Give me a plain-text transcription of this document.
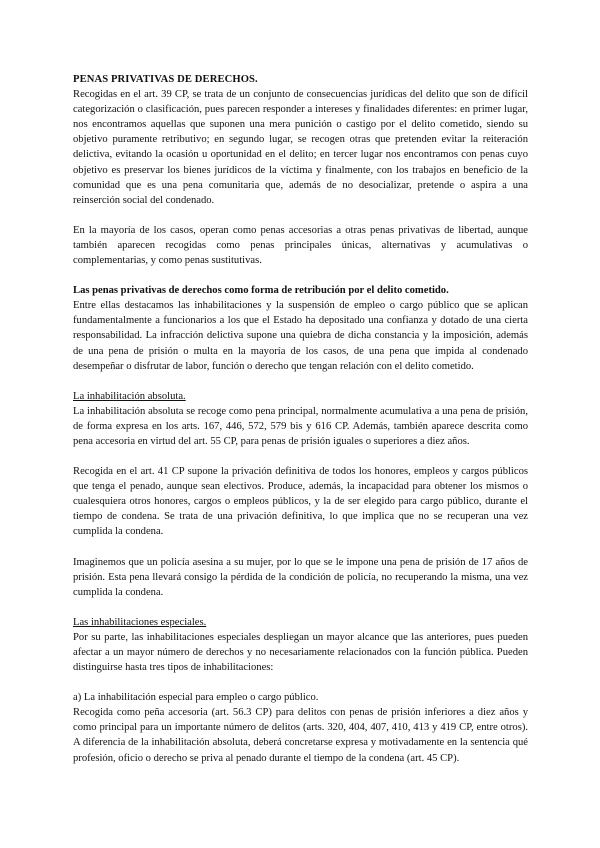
PENAS PRIVATIVAS DE DERECHOS.

Recogidas en el art. 39 CP, se trata de un conjunto de consecuencias jurídicas del delito que son de difícil categorización o clasificación, pues parecen responder a intereses y finalidades diferentes: en primer lugar, nos encontramos aquellas que suponen una mera punición o castigo por el delito cometido, siendo su objetivo puramente retributivo; en segundo lugar, se recogen otras que pretenden evitar la reiteración delictiva, evitando la ocasión u oportunidad en el delito; en tercer lugar nos encontramos con penas cuyo objetivo es preservar los bienes jurídicos de la víctima y finalmente, con los trabajos en beneficio de la comunidad que es una pena comunitaria que, además de no desocializar, pretende o aspira a una reinserción social del condenado.

En la mayoría de los casos, operan como penas accesorias a otras penas privativas de libertad, aunque también aparecen recogidas como penas principales únicas, alternativas y acumulativas o complementarias, y como penas sustitutivas.

Las penas privativas de derechos como forma de retribución por el delito cometido.

Entre ellas destacamos las inhabilitaciones y la suspensión de empleo o cargo público que se aplican fundamentalmente a funcionarios a los que el Estado ha depositado una confianza y dotado de una cierta responsabilidad. La infracción delictiva supone una quiebra de dicha constancia y la imposición, además de una pena de prisión o multa en la mayoría de los casos, de una pena que impida al condenado desempeñar o disfrutar de labor, función o derecho que tengan relación con el delito cometido.

La inhabilitación absoluta.

La inhabilitación absoluta se recoge como pena principal, normalmente acumulativa a una pena de prisión, de forma expresa en los arts. 167, 446, 572, 579 bis y 616 CP. Además, también aparece descrita como pena accesoria en virtud del art. 55 CP, para penas de prisión iguales o superiores a diez años.

Recogida en el art. 41 CP supone la privación definitiva de todos los honores, empleos y cargos públicos que tenga el penado, aunque sean electivos. Produce, además, la incapacidad para obtener los mismos o cualesquiera otros honores, cargos o empleos públicos, y la de ser elegido para cargo público, durante el tiempo de condena. Se trata de una privación definitiva, lo que implica que no se recuperan una vez cumplida la condena.

Imaginemos que un policía asesina a su mujer, por lo que se le impone una pena de prisión de 17 años de prisión. Esta pena llevará consigo la pérdida de la condición de policía, no recuperando la misma, una vez cumplida la condena.

Las inhabilitaciones especiales.

Por su parte, las inhabilitaciones especiales despliegan un mayor alcance que las anteriores, pues pueden afectar a un mayor número de derechos y no necesariamente relacionados con la función pública. Pueden distinguirse hasta tres tipos de inhabilitaciones:

a) La inhabilitación especial para empleo o cargo público.

Recogida como peña accesoria (art. 56.3 CP) para delitos con penas de prisión inferiores a diez años y como principal para un importante número de delitos (arts. 320, 404, 407, 410, 413 y 419 CP, entre otros). A diferencia de la inhabilitación absoluta, deberá concretarse expresa y motivadamente en la sentencia qué profesión, oficio o derecho se priva al penado durante el tiempo de la condena (art. 45 CP).
